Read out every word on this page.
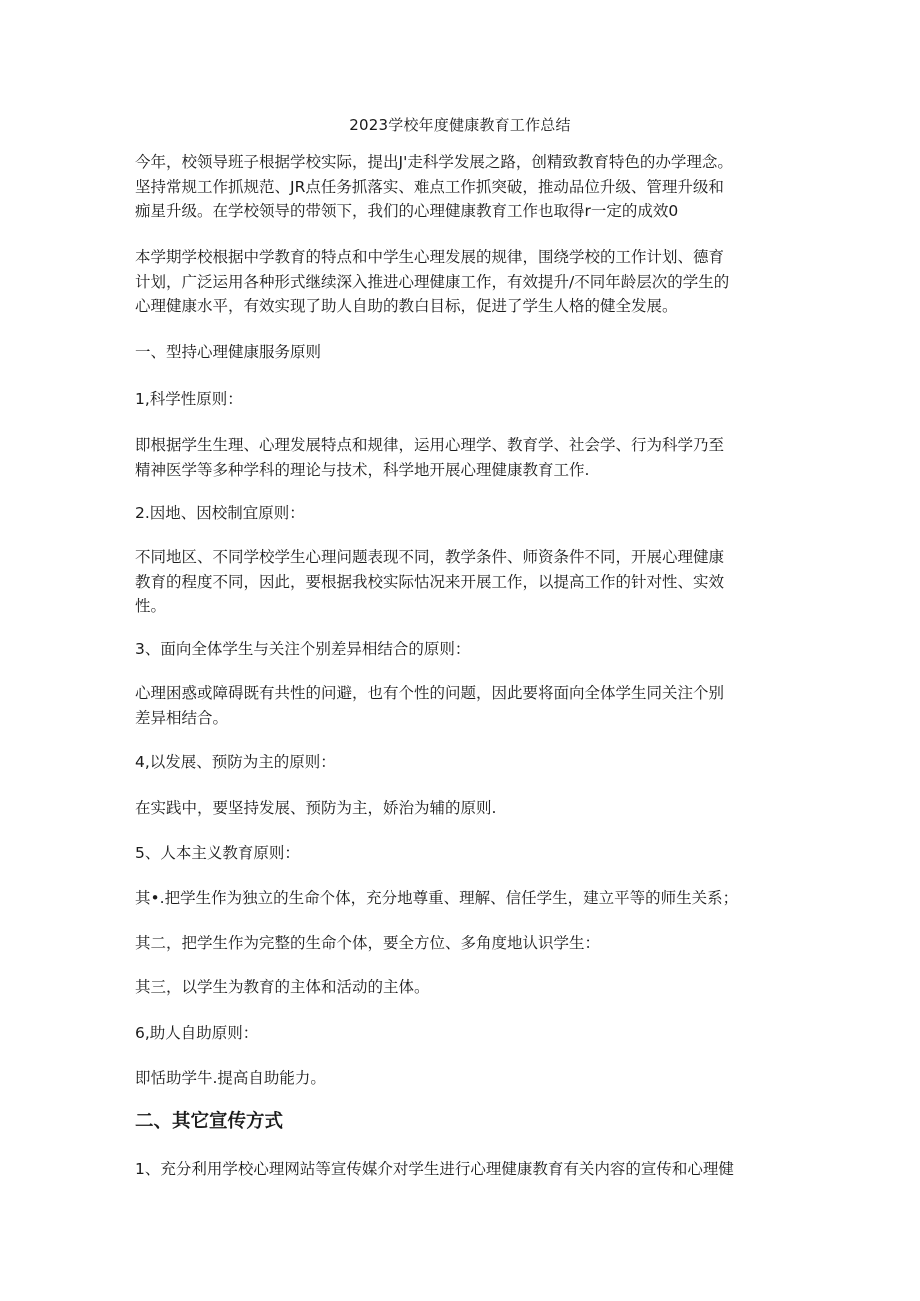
2023学校年度健康教育工作总结

今年，校领导班子根据学校实际，提出J'走科学发展之路，创精致教育特色的办学理念。
坚持常规工作抓规范、JR点任务抓落实、难点工作抓突破，推动品位升级、管理升级和
痂星升级。在学校领导的带领下，我们的心理健康教育工作也取得r一定的成效0

本学期学校根据中学教育的特点和中学生心理发展的规律，围绕学校的工作计划、德育
计划，广泛运用各种形式继续深入推进心理健康工作，有效提升/不同年龄层次的学生的
心理健康水平，有效实现了助人自助的教白目标，促进了学生人格的健全发展。

一、型持心理健康服务原则

1,科学性原则：

即根据学生生理、心理发展特点和规律，运用心理学、教育学、社会学、行为科学乃至
精神医学等多种学科的理论与技术，科学地开展心理健康教育工作.

2.因地、因校制宜原则：

不同地区、不同学校学生心理问题表现不同，教学条件、师资条件不同，开展心理健康
教育的程度不同，因此，要根据我校实际怙况来开展工作，以提高工作的针对性、实效
性。

3、面向全体学生与关注个别差异相结合的原则：

心理困惑或障碍既有共性的问避，也有个性的问题，因此要将面向全体学生同关注个别
差异相结合。

4,以发展、预防为主的原则：

在实践中，要坚持发展、预防为主，娇治为辅的原则.

5、人本主义教育原则：

其•.把学生作为独立的生命个体，充分地尊重、理解、信任学生，建立平等的师生关系；

其二，把学生作为完整的生命个体，要全方位、多角度地认识学生：

其三，以学生为教育的主体和活动的主体。

6,助人自助原则：

即恬助学牛.提高自助能力。

二、其它宣传方式

1、充分利用学校心理网站等宣传媒介对学生进行心理健康教育有关内容的宣传和心理健
